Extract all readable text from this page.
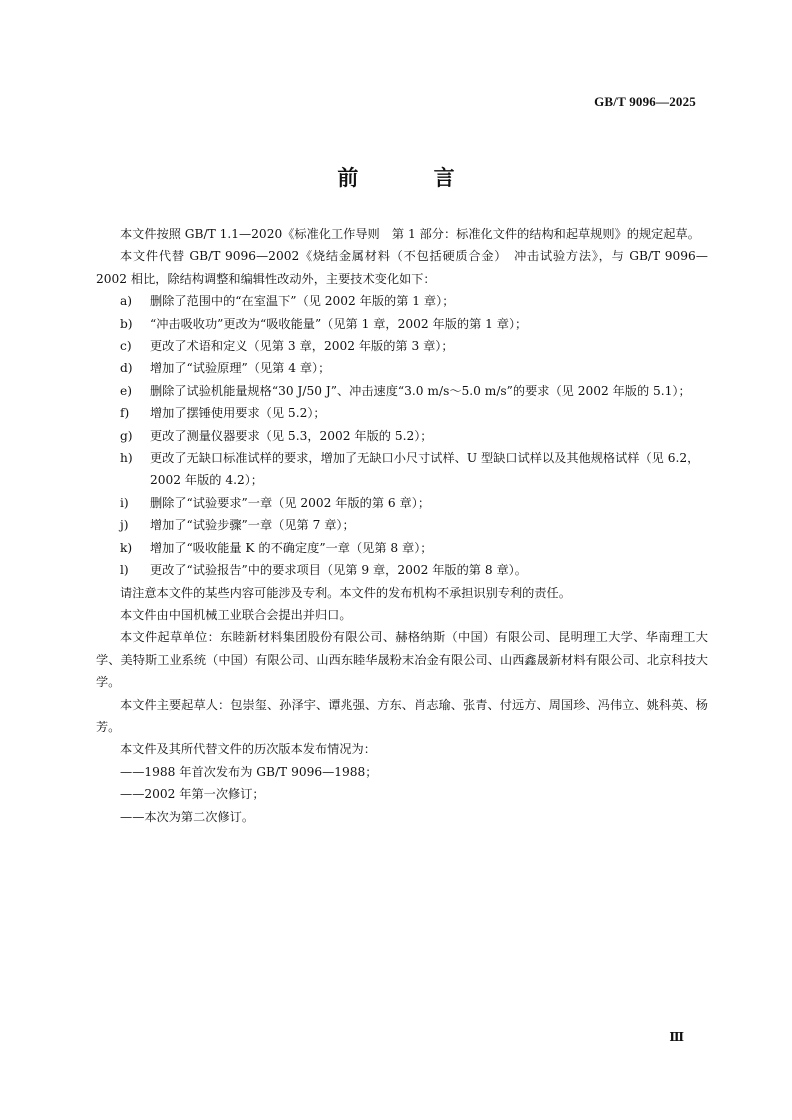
GB/T 9096—2025
前 言

本文件按照 GB/T 1.1—2020《标准化工作导则　第 1 部分：标准化文件的结构和起草规则》的规定起草。

本文件代替 GB/T 9096—2002《烧结金属材料（不包括硬质合金）　冲击试验方法》，与 GB/T 9096—2002 相比，除结构调整和编辑性改动外，主要技术变化如下：

a)	删除了范围中的“在室温下”（见 2002 年版的第 1 章）；
b)	“冲击吸收功”更改为“吸收能量”（见第 1 章，2002 年版的第 1 章）；
c)	更改了术语和定义（见第 3 章，2002 年版的第 3 章）；
d)	增加了“试验原理”（见第 4 章）；
e)	删除了试验机能量规格“30 J/50 J”、冲击速度“3.0 m/s～5.0 m/s”的要求（见 2002 年版的 5.1）；
f)	增加了摆锤使用要求（见 5.2）；
g)	更改了测量仪器要求（见 5.3，2002 年版的 5.2）；
h)	更改了无缺口标准试样的要求，增加了无缺口小尺寸试样、U 型缺口试样以及其他规格试样（见 6.2，2002 年版的 4.2）；
i)	删除了“试验要求”一章（见 2002 年版的第 6 章）；
j)	增加了“试验步骤”一章（见第 7 章）；
k)	增加了“吸收能量 K 的不确定度”一章（见第 8 章）；
l)	更改了“试验报告”中的要求项目（见第 9 章，2002 年版的第 8 章）。

请注意本文件的某些内容可能涉及专利。本文件的发布机构不承担识别专利的责任。

本文件由中国机械工业联合会提出并归口。

本文件起草单位：东睦新材料集团股份有限公司、赫格纳斯（中国）有限公司、昆明理工大学、华南理工大学、美特斯工业系统（中国）有限公司、山西东睦华晟粉末冶金有限公司、山西鑫晟新材料有限公司、北京科技大学。

本文件主要起草人：包崇玺、孙泽宇、谭兆强、方东、肖志瑜、张青、付远方、周国珍、冯伟立、姚科英、杨芳。

本文件及其所代替文件的历次版本发布情况为：

——1988 年首次发布为 GB/T 9096—1988；

——2002 年第一次修订；

——本次为第二次修订。

Ⅲ
